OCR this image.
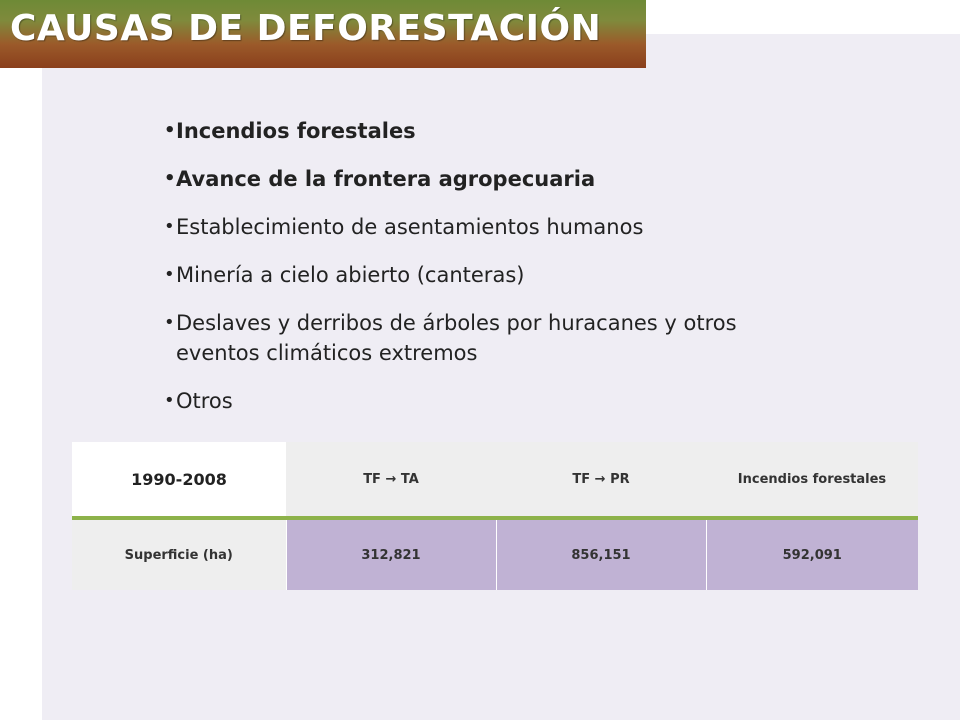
CAUSAS DE DEFORESTACIÓN
• Incendios forestales
• Avance de la frontera agropecuaria
• Establecimiento de asentamientos humanos
• Minería a cielo abierto (canteras)
• Deslaves y derribos de árboles por huracanes y otros eventos climáticos extremos
• Otros
1990-2008	TF → TA	TF → PR	Incendios forestales
Superficie (ha)	312,821	856,151	592,091
